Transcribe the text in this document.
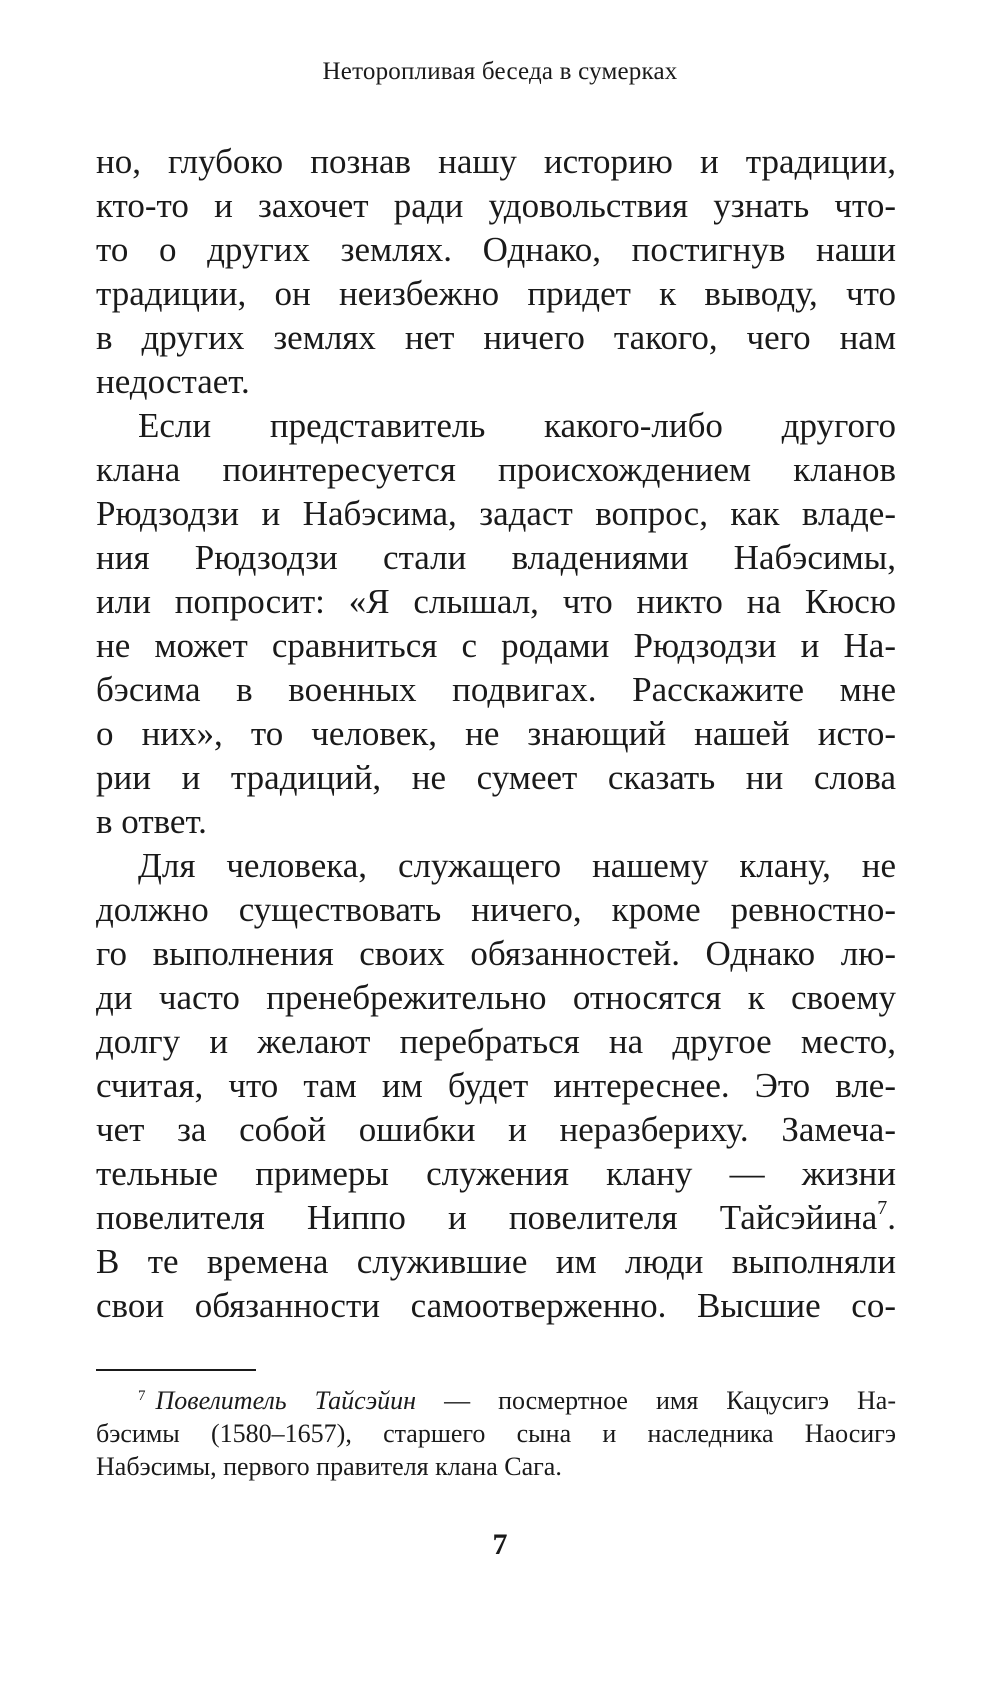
Неторопливая беседа в сумерках
но, глубоко познав нашу историю и традиции,
кто-то и захочет ради удовольствия узнать что-
то о других землях. Однако, постигнув наши
традиции, он неизбежно придет к выводу, что
в других землях нет ничего такого, чего нам
недостает.
Если представитель какого-либо другого
клана поинтересуется происхождением кланов
Рюдзодзи и Набэсима, задаст вопрос, как владе-
ния Рюдзодзи стали владениями Набэсимы,
или попросит: «Я слышал, что никто на Кюсю
не может сравниться с родами Рюдзодзи и На-
бэсима в военных подвигах. Расскажите мне
о них», то человек, не знающий нашей исто-
рии и традиций, не сумеет сказать ни слова
в ответ.
Для человека, служащего нашему клану, не
должно существовать ничего, кроме ревностно-
го выполнения своих обязанностей. Однако лю-
ди часто пренебрежительно относятся к своему
долгу и желают перебраться на другое место,
считая, что там им будет интереснее. Это вле-
чет за собой ошибки и неразбериху. Замеча-
тельные примеры служения клану — жизни
повелителя Ниппо и повелителя Тайсэйина$^7$.
В те времена служившие им люди выполняли
свои обязанности самоотверженно. Высшие со-
$^7$ Повелитель Тайсэйин — посмертное имя Кацусигэ На-
бэсимы (1580–1657), старшего сына и наследника Наосигэ
Набэсимы, первого правителя клана Сага.
7
